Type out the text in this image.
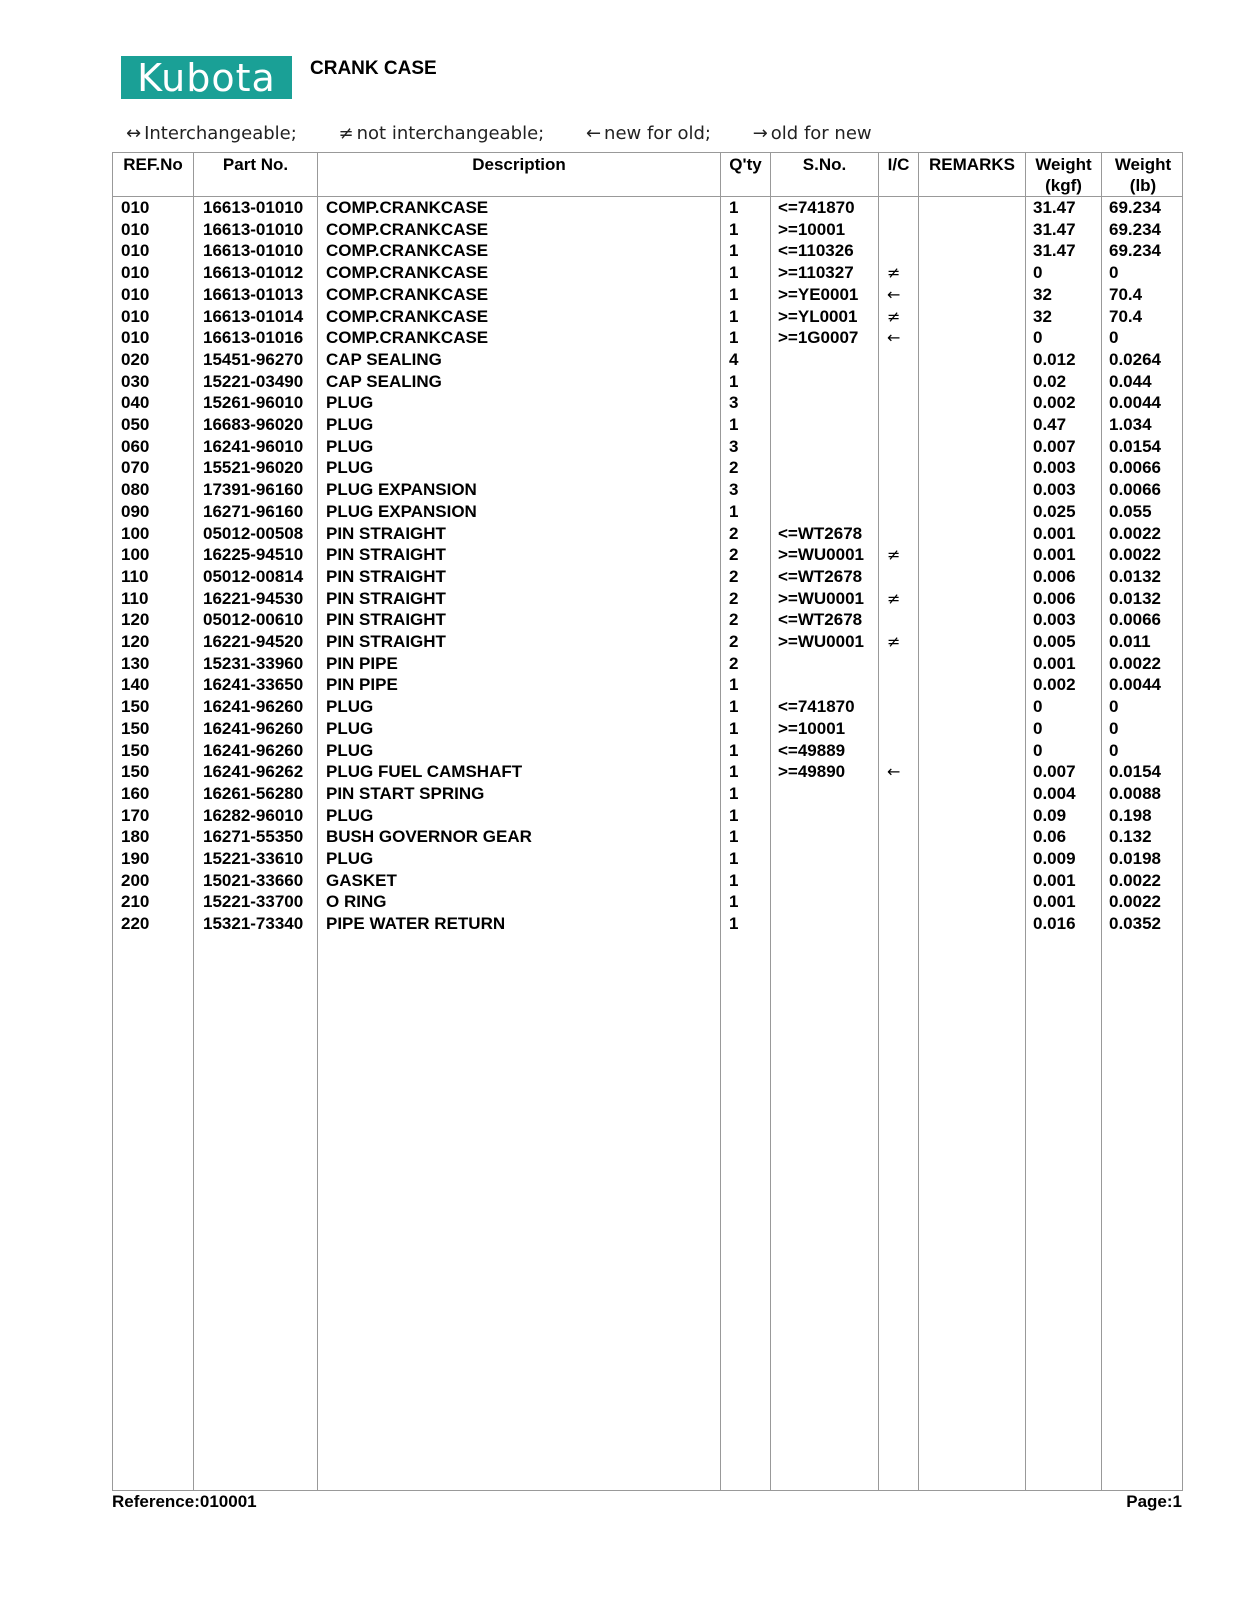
Kubota	CRANK CASE
↔ Interchangeable; ≠ not interchangeable; ← new for old; → old for new
REF.No	Part No.	Description	Q'ty	S.No.	I/C	REMARKS	Weight (kgf)
Weight (lb)
010	16613-01010 COMP.CRANKCASE	1 <=741870	31.47 69.234
010	16613-01010 COMP.CRANKCASE	1 >=10001	31.47 69.234
010	16613-01010 COMP.CRANKCASE	1 <=110326	31.47 69.234
010	16613-01012 COMP.CRANKCASE	1 >=110327 ≠	0	0
010	16613-01013 COMP.CRANKCASE	1 >=YE0001 ←	32	70.4
010	16613-01014 COMP.CRANKCASE	1 >=YL0001 ≠	32	70.4
010	16613-01016 COMP.CRANKCASE	1 >=1G0007 ←	0	0
020	15451-96270 CAP SEALING	4	0.012 0.0264
030	15221-03490 CAP SEALING	1	0.02	0.044
040	15261-96010 PLUG	3	0.002 0.0044
050	16683-96020 PLUG	1	0.47	1.034
060	16241-96010 PLUG	3	0.007 0.0154
070	15521-96020 PLUG	2	0.003 0.0066
080	17391-96160 PLUG EXPANSION	3	0.003 0.0066
090	16271-96160 PLUG EXPANSION	1	0.025 0.055
100	05012-00508 PIN STRAIGHT	2 <=WT2678	0.001 0.0022
100	16225-94510 PIN STRAIGHT	2 >=WU0001 ≠	0.001 0.0022
110	05012-00814 PIN STRAIGHT	2 <=WT2678	0.006 0.0132
110	16221-94530 PIN STRAIGHT	2 >=WU0001 ≠	0.006 0.0132
120	05012-00610 PIN STRAIGHT	2 <=WT2678	0.003 0.0066
120	16221-94520 PIN STRAIGHT	2 >=WU0001 ≠	0.005 0.011
130	15231-33960 PIN PIPE	2	0.001 0.0022
140	16241-33650 PIN PIPE	1	0.002 0.0044
150	16241-96260 PLUG	1 <=741870	0	0
150	16241-96260 PLUG	1 >=10001	0	0
150	16241-96260 PLUG	1 <=49889	0	0
150	16241-96262 PLUG FUEL CAMSHAFT	1 >=49890	←	0.007 0.0154
160	16261-56280 PIN START SPRING	1	0.004 0.0088
170	16282-96010 PLUG	1	0.09	0.198
180	16271-55350 BUSH GOVERNOR GEAR	1	0.06	0.132
190	15221-33610 PLUG	1	0.009 0.0198
200	15021-33660 GASKET	1	0.001 0.0022
210	15221-33700 O RING	1	0.001 0.0022
220	15321-73340 PIPE WATER RETURN	1	0.016 0.0352
Reference:010001	Page:1
